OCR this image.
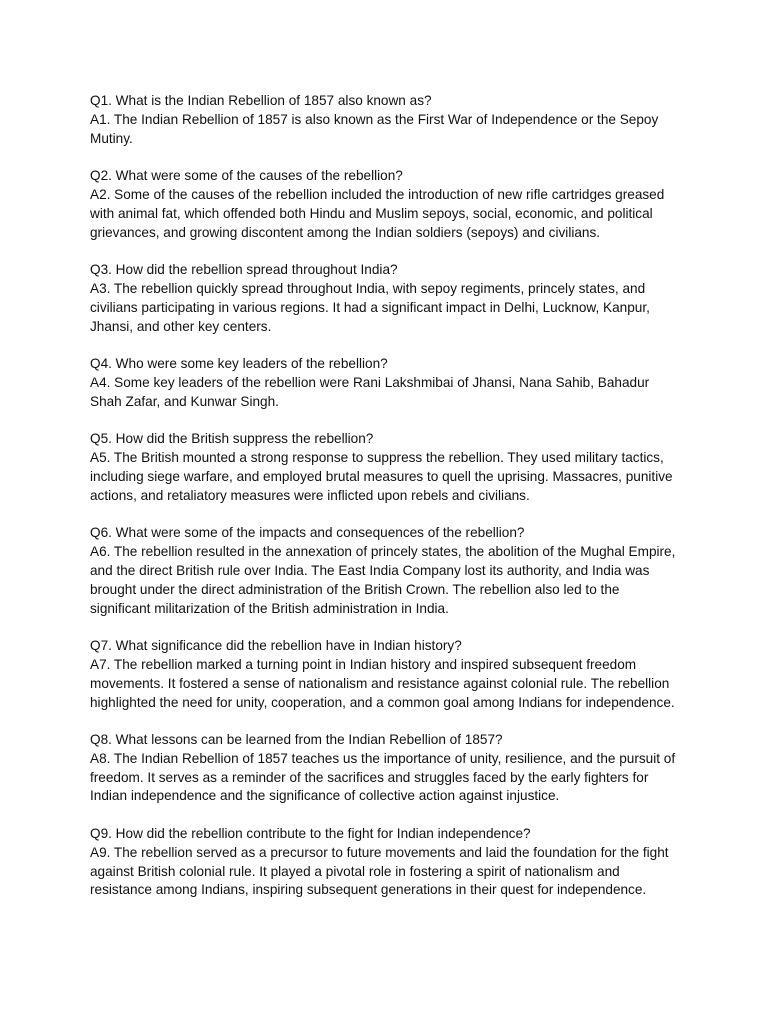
Q1. What is the Indian Rebellion of 1857 also known as?

A1. The Indian Rebellion of 1857 is also known as the First War of Independence or the Sepoy Mutiny.

Q2. What were some of the causes of the rebellion?

A2. Some of the causes of the rebellion included the introduction of new rifle cartridges greased with animal fat, which offended both Hindu and Muslim sepoys, social, economic, and political grievances, and growing discontent among the Indian soldiers (sepoys) and civilians.

Q3. How did the rebellion spread throughout India?

A3. The rebellion quickly spread throughout India, with sepoy regiments, princely states, and civilians participating in various regions. It had a significant impact in Delhi, Lucknow, Kanpur, Jhansi, and other key centers.

Q4. Who were some key leaders of the rebellion?

A4. Some key leaders of the rebellion were Rani Lakshmibai of Jhansi, Nana Sahib, Bahadur Shah Zafar, and Kunwar Singh.

Q5. How did the British suppress the rebellion?

A5. The British mounted a strong response to suppress the rebellion. They used military tactics, including siege warfare, and employed brutal measures to quell the uprising. Massacres, punitive actions, and retaliatory measures were inflicted upon rebels and civilians.

Q6. What were some of the impacts and consequences of the rebellion?

A6. The rebellion resulted in the annexation of princely states, the abolition of the Mughal Empire, and the direct British rule over India. The East India Company lost its authority, and India was brought under the direct administration of the British Crown. The rebellion also led to the significant militarization of the British administration in India.

Q7. What significance did the rebellion have in Indian history?

A7. The rebellion marked a turning point in Indian history and inspired subsequent freedom movements. It fostered a sense of nationalism and resistance against colonial rule. The rebellion highlighted the need for unity, cooperation, and a common goal among Indians for independence.

Q8. What lessons can be learned from the Indian Rebellion of 1857?

A8. The Indian Rebellion of 1857 teaches us the importance of unity, resilience, and the pursuit of freedom. It serves as a reminder of the sacrifices and struggles faced by the early fighters for Indian independence and the significance of collective action against injustice.

Q9. How did the rebellion contribute to the fight for Indian independence?

A9. The rebellion served as a precursor to future movements and laid the foundation for the fight against British colonial rule. It played a pivotal role in fostering a spirit of nationalism and resistance among Indians, inspiring subsequent generations in their quest for independence.
